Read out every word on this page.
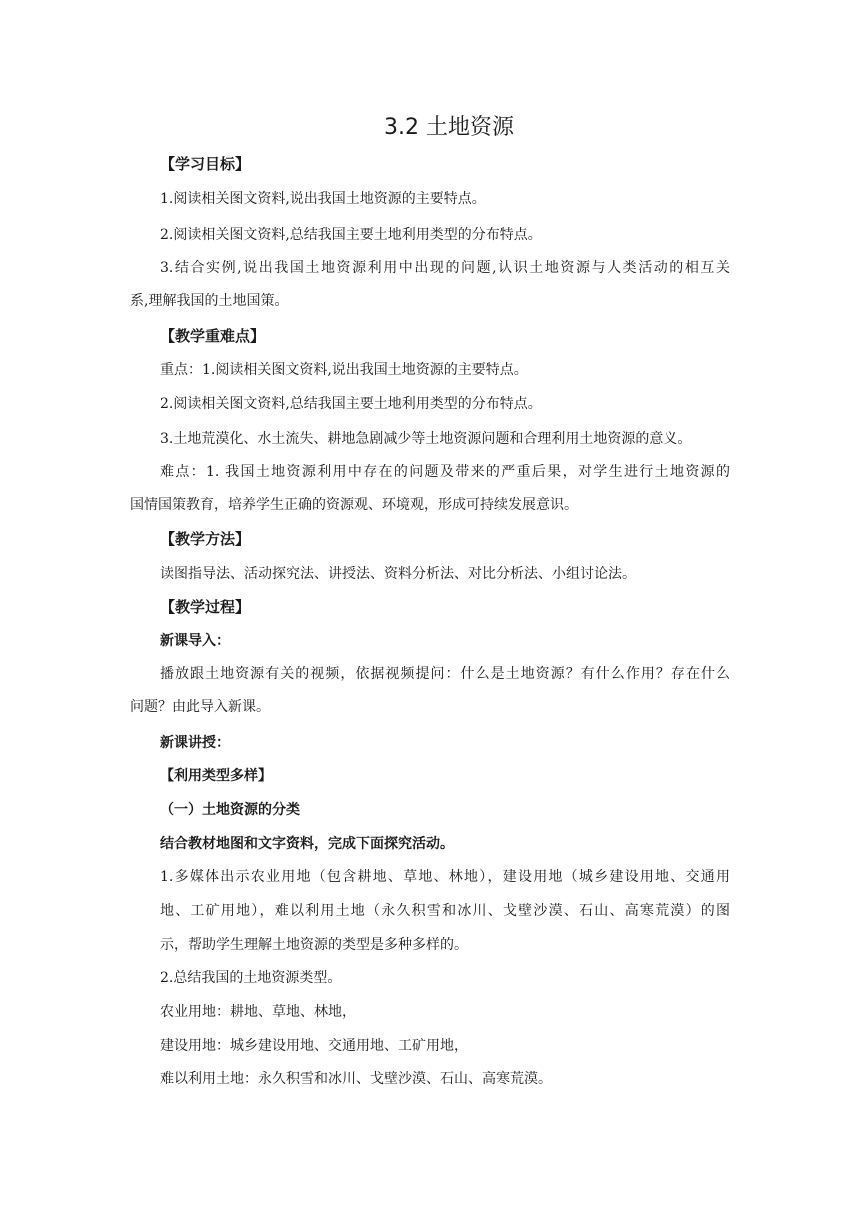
3.2 土地资源
【学习目标】
1.阅读相关图文资料,说出我国土地资源的主要特点。
2.阅读相关图文资料,总结我国主要土地利用类型的分布特点。
3.结合实例,说出我国土地资源利用中出现的问题,认识土地资源与人类活动的相互关
系,理解我国的土地国策。
【教学重难点】
重点：1.阅读相关图文资料,说出我国土地资源的主要特点。
2.阅读相关图文资料,总结我国主要土地利用类型的分布特点。
3.土地荒漠化、水土流失、耕地急剧减少等土地资源问题和合理利用土地资源的意义。
难点：1. 我国土地资源利用中存在的问题及带来的严重后果，对学生进行土地资源的
国情国策教育，培养学生正确的资源观、环境观，形成可持续发展意识。
【教学方法】
读图指导法、活动探究法、讲授法、资料分析法、对比分析法、小组讨论法。
【教学过程】
新课导入：
播放跟土地资源有关的视频，依据视频提问：什么是土地资源？有什么作用？存在什么
问题？由此导入新课。
新课讲授：
【利用类型多样】
（一）土地资源的分类
结合教材地图和文字资料，完成下面探究活动。
1.多媒体出示农业用地（包含耕地、草地、林地），建设用地（城乡建设用地、交通用
地、工矿用地），难以利用土地（永久积雪和冰川、戈壁沙漠、石山、高寒荒漠）的图
示，帮助学生理解土地资源的类型是多种多样的。
2.总结我国的土地资源类型。
农业用地：耕地、草地、林地，
建设用地：城乡建设用地、交通用地、工矿用地，
难以利用土地：永久积雪和冰川、戈壁沙漠、石山、高寒荒漠。
